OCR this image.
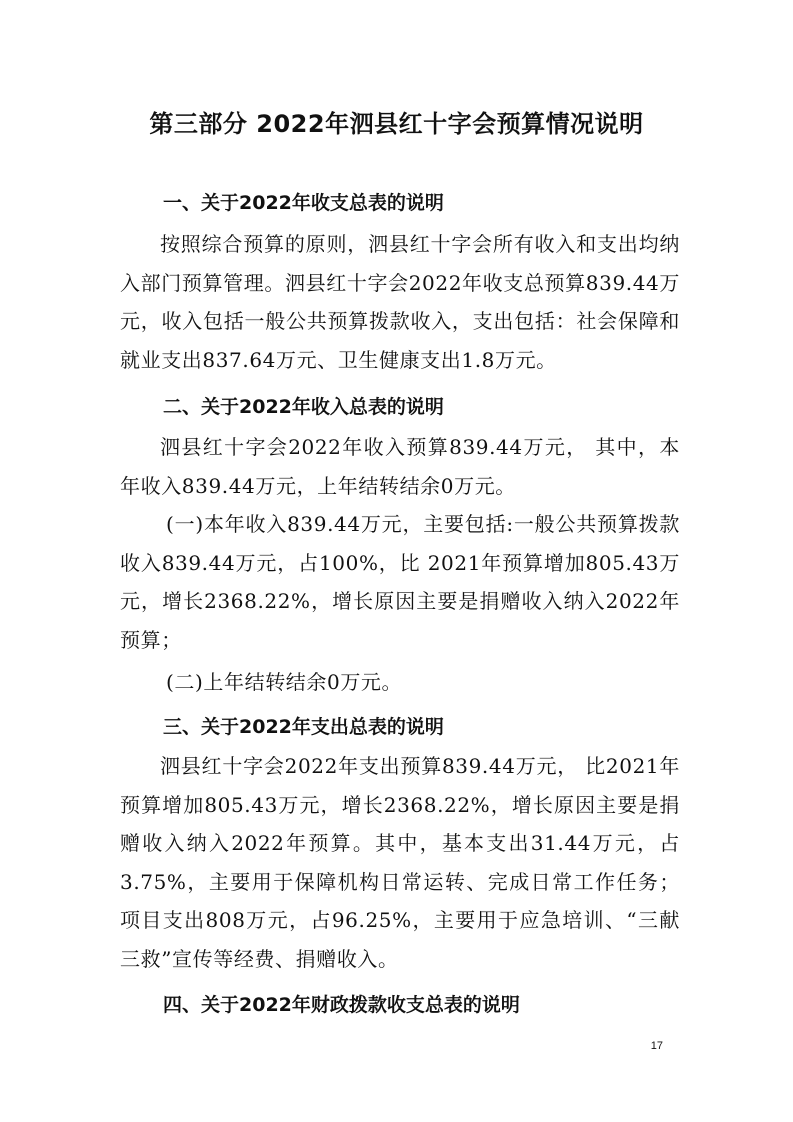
第三部分 2022年泗县红十字会预算情况说明
一、关于2022年收支总表的说明

按照综合预算的原则，泗县红十字会所有收入和支出均纳入部门预算管理。泗县红十字会2022年收支总预算839.44万元，收入包括一般公共预算拨款收入，支出包括：社会保障和就业支出837.64万元、卫生健康支出1.8万元。

二、关于2022年收入总表的说明

泗县红十字会2022年收入预算839.44万元， 其中，本年收入839.44万元，上年结转结余0万元。

(一)本年收入839.44万元，主要包括:一般公共预算拨款收入839.44万元，占100%，比 2021年预算增加805.43万元，增长2368.22%，增长原因主要是捐赠收入纳入2022年预算；

(二)上年结转结余0万元。

三、关于2022年支出总表的说明

泗县红十字会2022年支出预算839.44万元， 比2021年预算增加805.43万元，增长2368.22%，增长原因主要是捐赠收入纳入2022年预算。其中，基本支出31.44万元，占3.75%，主要用于保障机构日常运转、完成日常工作任务；项目支出808万元，占96.25%，主要用于应急培训、“三献三救”宣传等经费、捐赠收入。

四、关于2022年财政拨款收支总表的说明
17
